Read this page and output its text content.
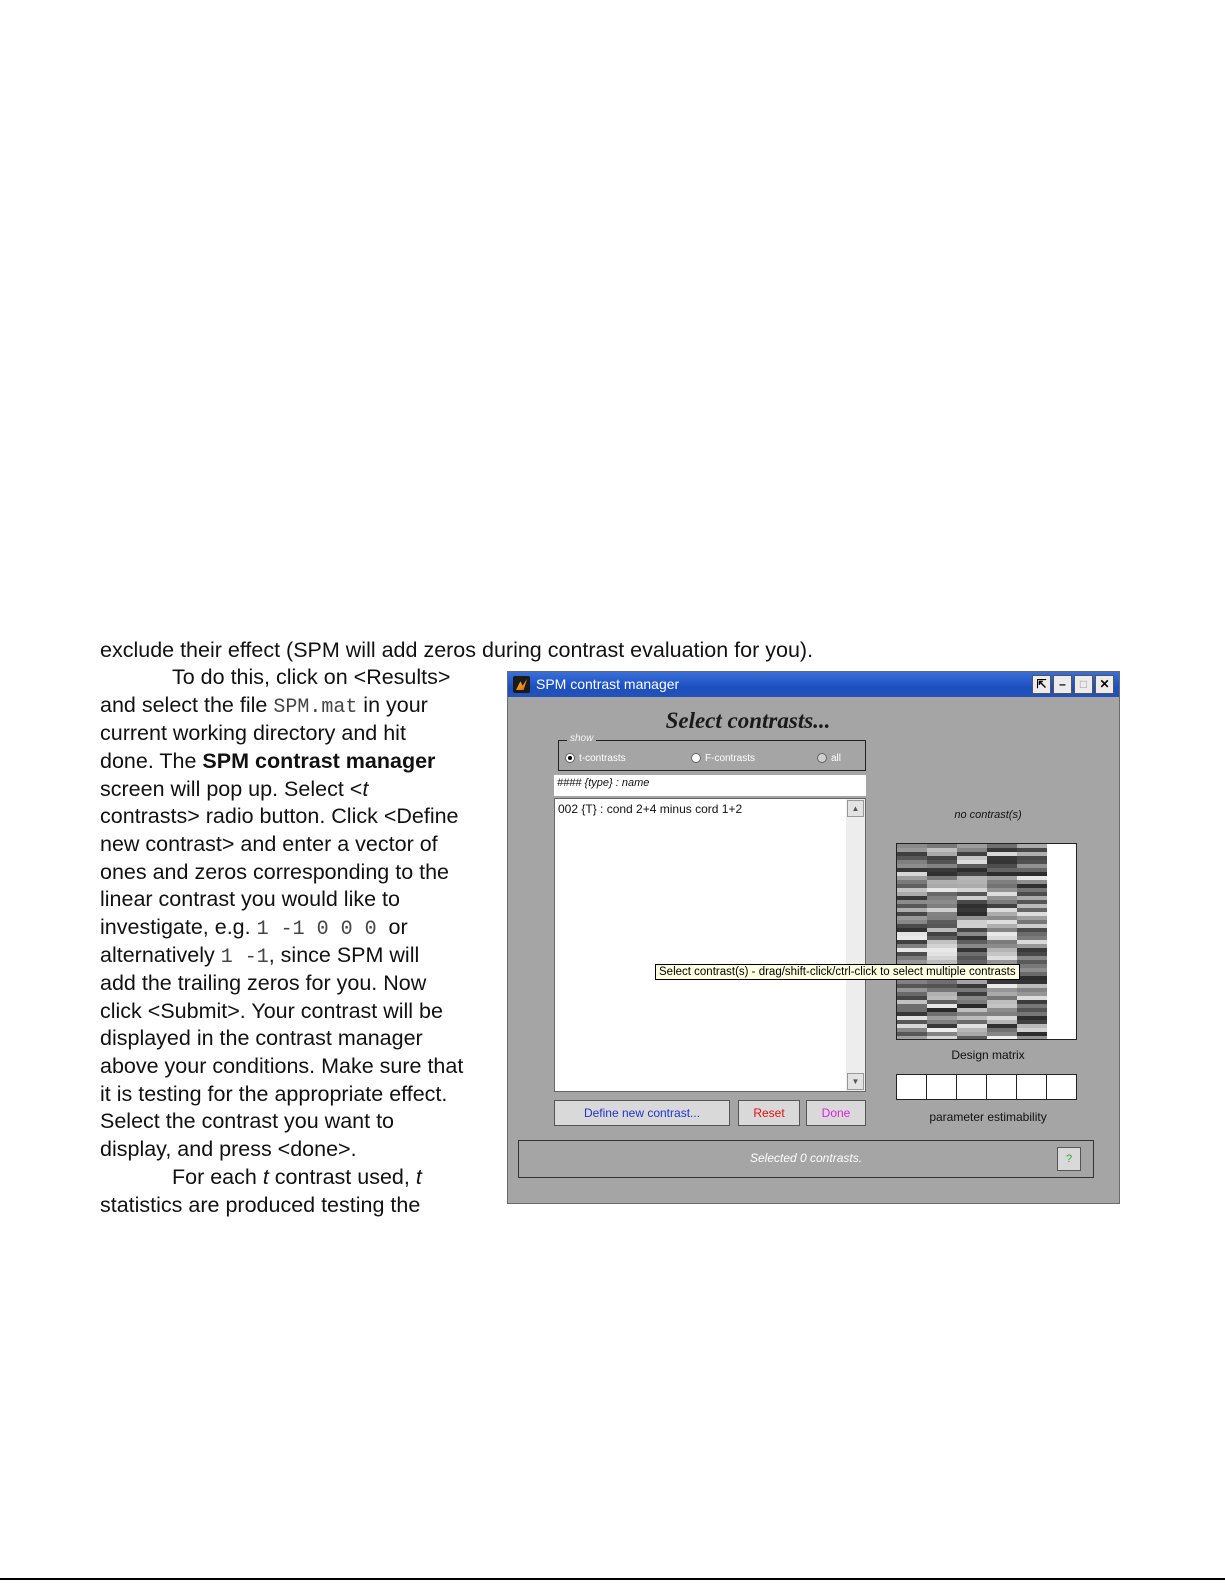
exclude their effect (SPM will add zeros during contrast evaluation for you).
To do this, click on <Results>
and select the file SPM.mat in your
current working directory and hit
done. The SPM contrast manager
screen will pop up. Select <t
contrasts> radio button. Click <Define
new contrast> and enter a vector of
ones and zeros corresponding to the
linear contrast you would like to
investigate, e.g. 1 -1 0 0 0  or
alternatively 1 -1, since SPM will
add the trailing zeros for you. Now
click <Submit>. Your contrast will be
displayed in the contrast manager
above your conditions. Make sure that
it is testing for the appropriate effect.
Select the contrast you want to
display, and press <done>.
For each t contrast used, t
statistics are produced testing the
SPM contrast manager	⇱	–	□	✕
Select contrasts...
show
t-contrasts	F-contrasts	all
#### {type} : name
002 {T} : cond 2+4 minus cord 1+2	▲
▼
no contrast(s)
Design matrix
parameter estimability
Define new contrast...	Reset	Done
Selected 0 contrasts.	?
Select contrast(s) - drag/shift-click/ctrl-click to select multiple contrasts
